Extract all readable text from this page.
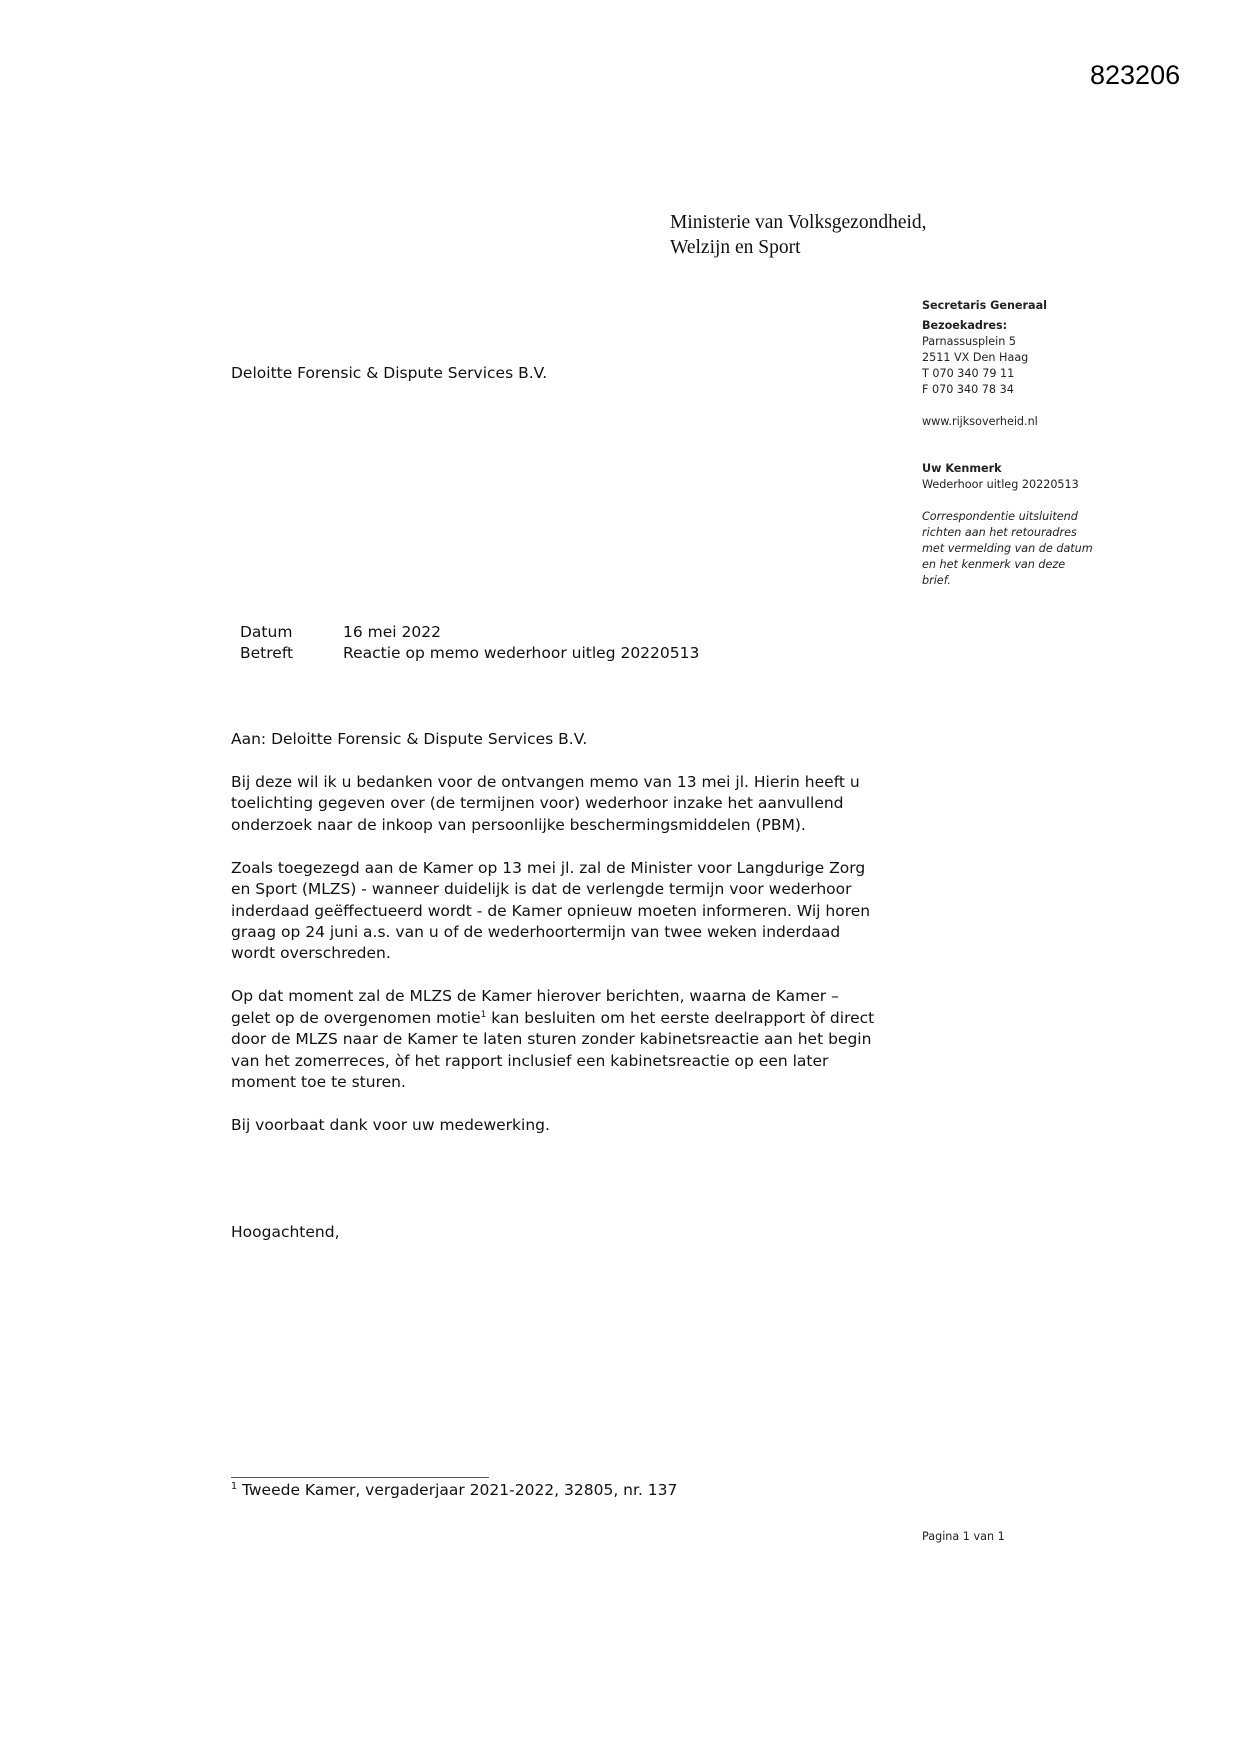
823206
Ministerie van Volksgezondheid,
Welzijn en Sport
Secretaris Generaal
Bezoekadres:
Parnassusplein 5
2511 VX Den Haag
T 070 340 79 11
F 070 340 78 34
www.rijksoverheid.nl
Uw Kenmerk
Wederhoor uitleg 20220513
Correspondentie uitsluitend
richten aan het retouradres
met vermelding van de datum
en het kenmerk van deze
brief.
Deloitte Forensic & Dispute Services B.V.
Datum	16 mei 2022
Betreft	Reactie op memo wederhoor uitleg 20220513

Aan: Deloitte Forensic & Dispute Services B.V.

Bij deze wil ik u bedanken voor de ontvangen memo van 13 mei jl. Hierin heeft u
toelichting gegeven over (de termijnen voor) wederhoor inzake het aanvullend
onderzoek naar de inkoop van persoonlijke beschermingsmiddelen (PBM).

Zoals toegezegd aan de Kamer op 13 mei jl. zal de Minister voor Langdurige Zorg
en Sport (MLZS) - wanneer duidelijk is dat de verlengde termijn voor wederhoor
inderdaad geëffectueerd wordt - de Kamer opnieuw moeten informeren. Wij horen
graag op 24 juni a.s. van u of de wederhoortermijn van twee weken inderdaad
wordt overschreden.

Op dat moment zal de MLZS de Kamer hierover berichten, waarna de Kamer –
gelet op de overgenomen motie$^1$ kan besluiten om het eerste deelrapport òf direct
door de MLZS naar de Kamer te laten sturen zonder kabinetsreactie aan het begin
van het zomerreces, òf het rapport inclusief een kabinetsreactie op een later
moment toe te sturen.

Bij voorbaat dank voor uw medewerking.

Hoogachtend,
$^1$ Tweede Kamer, vergaderjaar 2021-2022, 32805, nr. 137
Pagina 1 van 1
